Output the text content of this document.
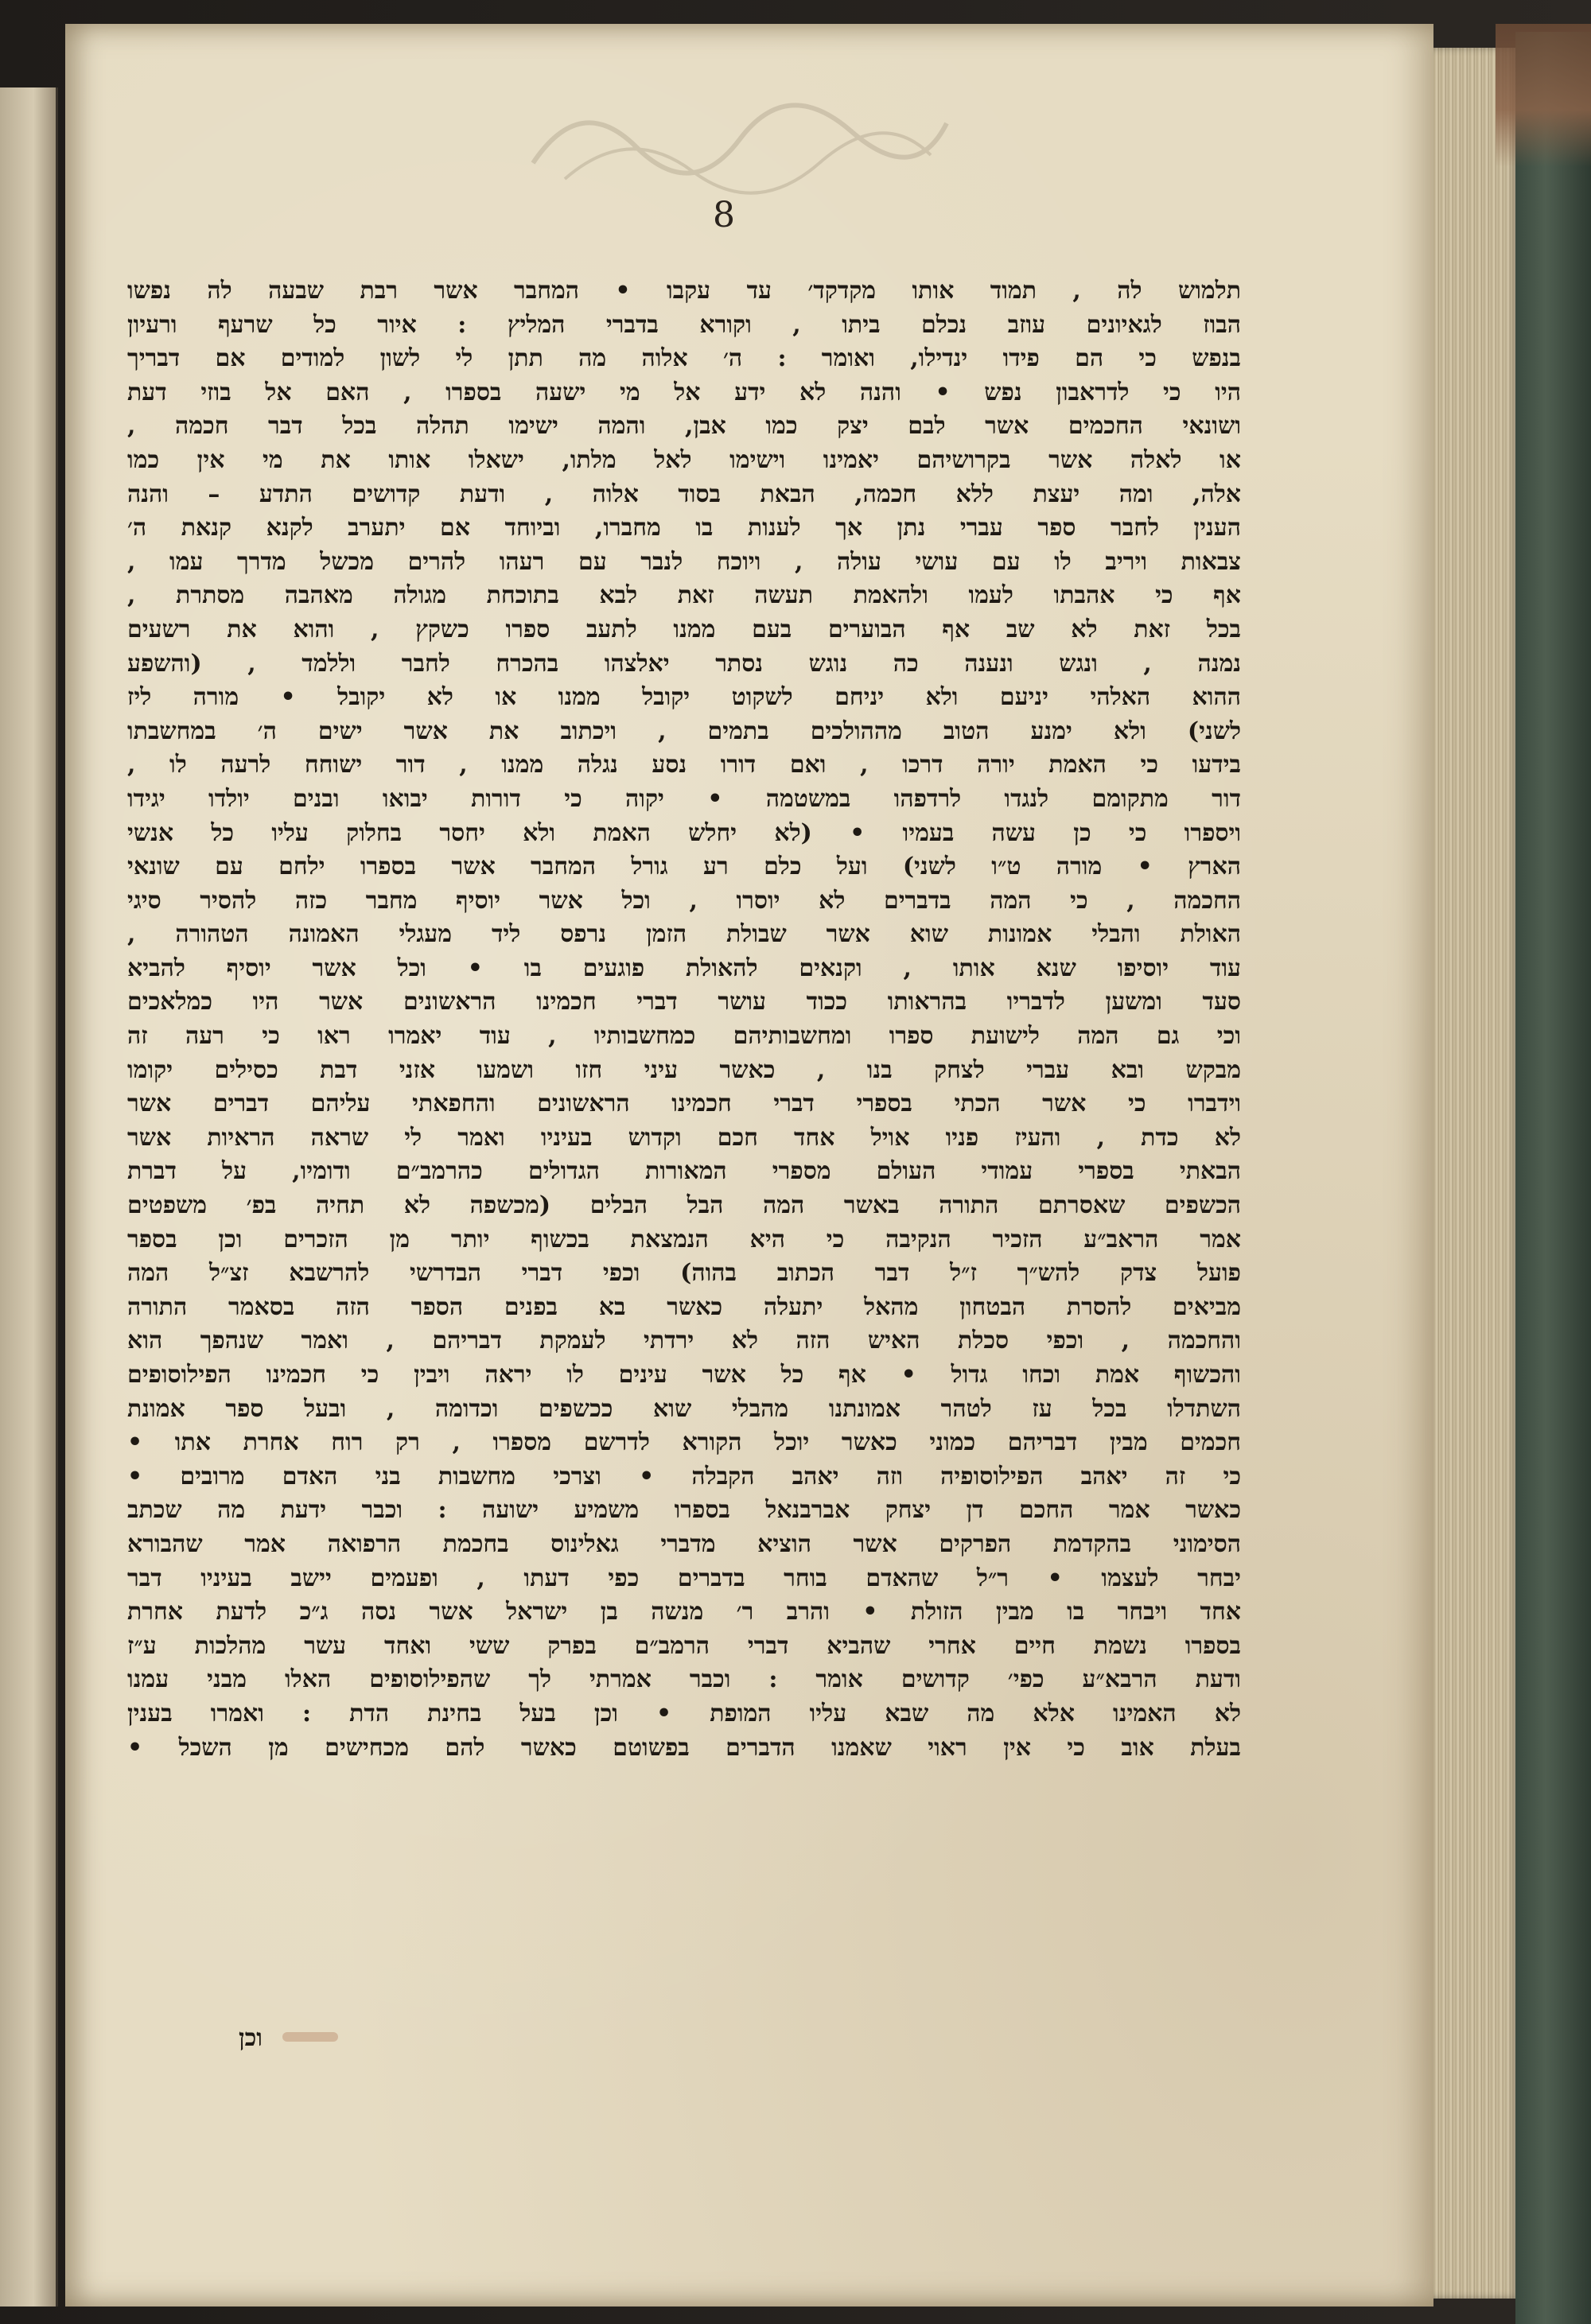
8
תלמוש לה , תמוד אותו מקדקד׳ עד עקבו • המחבר אשר רבת שבעה לה נפשו
הבוז לגאיונים עוזב נכלם ביתו , וקורא בדברי המליץ : איור כל שרעף ורעיון
בנפש כי הם פידו ינדילו, ואומר : ה׳ אלוה מה תתן לי לשון למודים אם דבריך
היו כי לדראבון נפש • והנה לא ידע אל מי ישעה בספרו , האם אל בוזי דעת
ושונאי החכמים אשר לבם יצק כמו אבן, והמה ישימו תהלה בכל דבר חכמה ,
או לאלה אשר בקרושיהם יאמינו וישימו לאל מלתו, ישאלו אותו את מי אין כמו
אלה, ומה יעצת ללא חכמה, הבאת בסוד אלוה , ודעת קדושים התדע – והנה
הענין לחבר ספר עברי נתן אך לענות בו מחברו, וביוחד אם יתערב לקנא קנאת ה׳
צבאות ויריב לו עם עושי עולה , ויוכח לנבר עם רעהו להרים מכשל מדרך עמו ,
אף כי אהבתו לעמו ולהאמת תעשה זאת לבא בתוכחת מגולה מאהבה מסתרת ,
בכל זאת לא שב אף הבוערים בעם ממנו לתעב ספרו כשקץ , והוא את רשעים
נמנה , ונגש ונענה כה נוגש נסתר יאלצהו בהכרח לחבר וללמד , (והשפע
ההוא האלהי יניעם ולא יניחם לשקוט יקובל ממנו או לא יקובל • מורה ליז
לשני) ולא ימנע הטוב מההולכים בתמים , ויכתוב את אשר ישים ה׳ במחשבתו
בידעו כי האמת יורה דרכו , ואם דורו נסע נגלה ממנו , דור ישוחח לרעה לו ,
דור מתקומם לנגדו לרדפהו במשטמה • יקוה כי דורות יבואו ובנים יולדו יגידו
ויספרו כי כן עשה בעמיו • (לא יחלש האמת ולא יחסר בחלוק עליו כל אנשי
הארץ • מורה ט״ו לשני) ועל כלם רע גורל המחבר אשר בספרו ילחם עם שונאי
החכמה , כי המה בדברים לא יוסרו , וכל אשר יוסיף מחבר כזה להסיר סיגי
האולת והבלי אמונות שוא אשר שבולת הזמן נרפס ליד מעגלי האמונה הטהורה ,
עוד יוסיפו שנא אותו , וקנאים להאולת פוגעים בו • וכל אשר יוסיף להביא
סעד ומשען לדבריו בהראותו ככוד עושר דברי חכמינו הראשונים אשר היו כמלאכים
וכי גם המה לישועת ספרו ומחשבותיהם כמחשבותיו , עוד יאמרו ראו כי רעה זה
מבקש ובא עברי לצחק בנו , כאשר עיני חזו ושמעו אזני דבת כסילים יקומו
וידברו כי אשר הכתי בספרי דברי חכמינו הראשונים והחפאתי עליהם דברים אשר
לא כדת , והעיז פניו אויל אחד חכם וקדוש בעיניו ואמר לי שראה הראיות אשר
הבאתי בספרי עמודי העולם מספרי המאורות הגדולים כהרמב״ם ודומיו, על דברת
הכשפים שאסרתם התורה באשר המה הבל הבלים (מכשפה לא תחיה בפ׳ משפטים
אמר הראב״ע הזכיר הנקיבה כי היא הנמצאת בכשוף יותר מן הזכרים וכן בספר
פועל צדק להש״ך ז״ל דבר הכתוב בהוה) וכפי דברי הבדרשי להרשבא זצ״ל המה
מביאים להסרת הבטחון מהאל יתעלה כאשר בא בפנים הספר הזה בסאמר התורה
והחכמה , וכפי סכלת האיש הזה לא ירדתי לעמקת דבריהם , ואמר שנהפך הוא
והכשוף אמת וכחו גדול • אף כל אשר עינים לו יראה ויבין כי חכמינו הפילוסופים
השתדלו בכל עז לטהר אמונתנו מהבלי שוא ככשפים וכדומה , ובעל ספר אמונת
חכמים מבין דבריהם כמוני כאשר יוכל הקורא לדרשם מספרו , רק רוח אחרת אתו •
כי זה יאהב הפילוסופיה וזה יאהב הקבלה • וצרכי מחשבות בני האדם מרובים •
כאשר אמר החכם דן יצחק אברבנאל בספרו משמיע ישועה : וכבר ידעת מה שכתב
הסימוני בהקדמת הפרקים אשר הוציא מדברי גאלינוס בחכמת הרפואה אמר שהבורא
יבחר לעצמו • ר״ל שהאדם בוחר בדברים כפי דעתו , ופעמים יישב בעיניו דבר
אחד ויבחר בו מבין הזולת • והרב ר׳ מנשה בן ישראל אשר נסה ג״כ לדעת אחרת
בספרו נשמת חיים אחרי שהביא דברי הרמב״ם בפרק ששי ואחד עשר מהלכות ע״ז
ודעת הרבא״ע כפי׳ קדושים אומר : וכבר אמרתי לך שהפילוסופים האלו מבני עמנו
לא האמינו אלא מה שבא עליו המופת • וכן בעל בחינת הדת : ואמרו בענין
בעלת אוב כי אין ראוי שאמנו הדברים בפשוטם כאשר להם מכחישים מן השכל •
וכן
